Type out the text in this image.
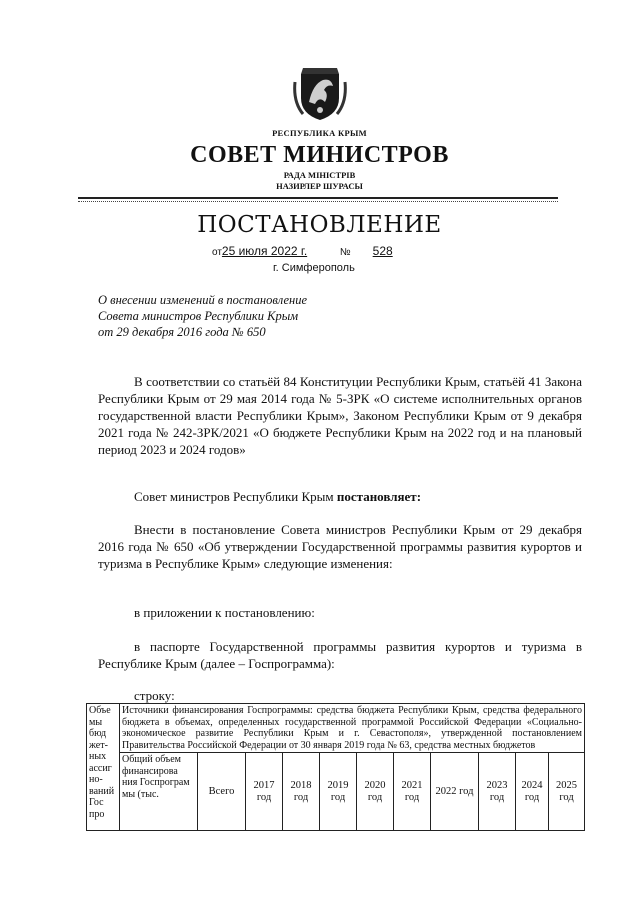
РЕСПУБЛИКА КРЫМ
СОВЕТ МИНИСТРОВ
РАДА МІНІСТРІВ
НАЗИРЛЕР ШУРАСЫ
ПОСТАНОВЛЕНИЕ
от25 июля 2022 г.	№ 528
г. Симферополь
О внесении изменений в постановление
Совета министров Республики Крым
от 29 декабря 2016 года № 650
В соответствии со статьёй 84 Конституции Республики Крым, статьёй 41 Закона Республики Крым от 29 мая 2014 года № 5-ЗРК «О системе исполнительных органов государственной власти Республики Крым», Законом Республики Крым от 9 декабря 2021 года № 242-ЗРК/2021 «О бюджете Республики Крым на 2022 год и на плановый период 2023 и 2024 годов»
Совет министров Республики Крым постановляет:
Внести в постановление Совета министров Республики Крым от 29 декабря 2016 года № 650 «Об утверждении Государственной программы развития курортов и туризма в Республике Крым» следующие изменения:
в приложении к постановлению:
в паспорте Государственной программы развития курортов и туризма в Республике Крым (далее – Госпрограмма):
строку:
Объе мы бюд жет- ных
ассиг но- ваний Гос про	Источники финансирования Госпрограммы: средства бюджета Республики Крым, средства федерального бюджета в объемах, определенных государственной программой Российской Федерации «Социально-экономическое развитие Республики Крым и г. Севастополя», утвержденной постановлением Правительства Российской Федерации от 30 января 2019 года № 63, средства местных бюджетов										
	Общий объем финансирова ния Госпрограм мы (тыс.	Всего	2017 год	2018 год	2019 год	2020 год	2021 год	2022 год	2023 год	2024 год	2025 год
